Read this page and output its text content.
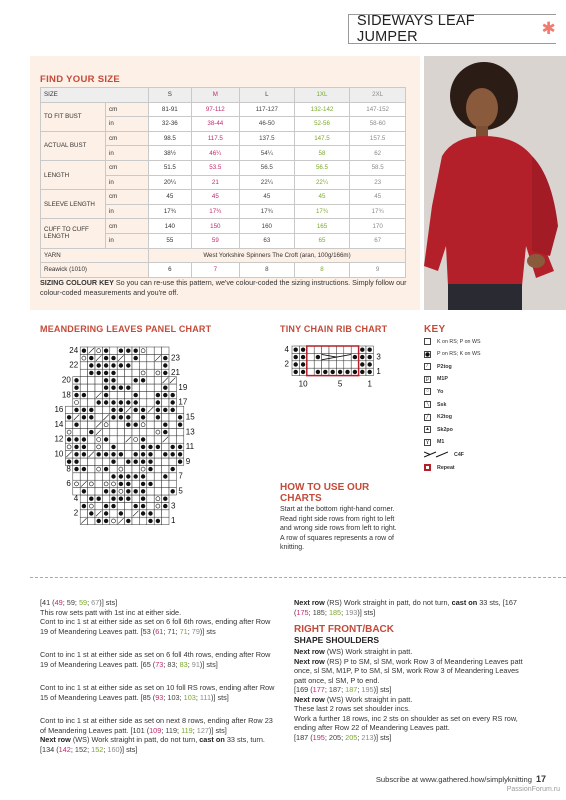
SIDEWAYS LEAF JUMPER	✱
FIND YOUR SIZE
SIZE		S	M	L	1XL	2XL
TO FIT BUST	cm	81-91	97-112	117-127	132-142	147-152
	in	32-36	38-44	46-50	52-56	58-60
ACTUAL BUST	cm	98.5	117.5	137.5	147.5	157.5
	in	38½	46¼	54¼	58	62
LENGTH	cm	51.5	53.5	56.5	56.5	58.5
	in	20¼	21	22¼	22¼	23
SLEEVE LENGTH	cm	45	45	45	45	45
	in	17¾	17¾	17¾	17¾	17¾
CUFF TO CUFF LENGTH	cm	140	150	160	165	170
	in	55	59	63	65	67
YARN		West Yorkshire Spinners The Croft (aran, 100g/166m)				
Reawick (1010)		6	7	8	8	9
SIZING COLOUR KEY So you can re-use this pattern, we've colour-coded the sizing instructions. Simply follow our colour-coded measurements and you're off.
MEANDERING LEAVES PANEL CHART
24
22
20
18
16
14
12
10
8
6
4
2
23
21
19
17
15
13
11
9
7
5
3
1
TINY CHAIN RIB CHART
4
2
3
1
10	5	1
KEY
K on RS; P on WS
P on RS; K on WS
⁄	P2tog
ꝑ	M1P
○	Yo
╲	Ssk
╱	K2tog
▲ Sk2po
ɣ	M1
C4F
Repeat
HOW TO USE OUR CHARTS
Start at the bottom right-hand corner. Read right side rows from right to left and wrong side rows from left to right. A row of squares represents a row of knitting.

[41 (49; 59; 59; 67)] sts]

This row sets patt with 1st inc at either side.

Cont to inc 1 st at either side as set on 6 foll 6th rows, ending after Row 19 of Meandering Leaves patt. [53 (61; 71; 71; 79)] sts

Cont to inc 1 st at either side as set on 6 foll 4th rows, ending after Row 19 of Meandering Leaves patt. [65 (73; 83; 83; 91)] sts]

Cont to inc 1 st at either side as set on 10 foll RS rows, ending after Row 15 of Meandering Leaves patt. [85 (93; 103; 103; 111)] sts]

Cont to inc 1 st at either side as set on next 8 rows, ending after Row 23 of Meandering Leaves patt. [101 (109; 119; 119; 127)] sts]

Next row (WS) Work straight in patt, do not turn, cast on 33 sts, turn. [134 (142; 152; 152; 160)] sts]

Next row (RS) Work straight in patt, do not turn, cast on 33 sts, [167 (175; 185; 185; 193)] sts]

RIGHT FRONT/BACK
SHAPE SHOULDERS

Next row (WS) Work straight in patt.

Next row (RS) P to SM, sl SM, work Row 3 of Meandering Leaves patt once, sl SM, M1P, P to SM, sl SM, work Row 3 of Meandering Leaves patt once, sl SM, P to end.

[169 (177; 187; 187; 195)] sts]

Next row (WS) Work straight in patt.

These last 2 rows set shoulder incs.

Work a further 18 rows, inc 2 sts on shoulder as set on every RS row, ending after Row 22 of Meandering Leaves patt.

[187 (195; 205; 205; 213)] sts]

Subscribe at www.gathered.how/simplyknitting 17
PassionForum.ru
